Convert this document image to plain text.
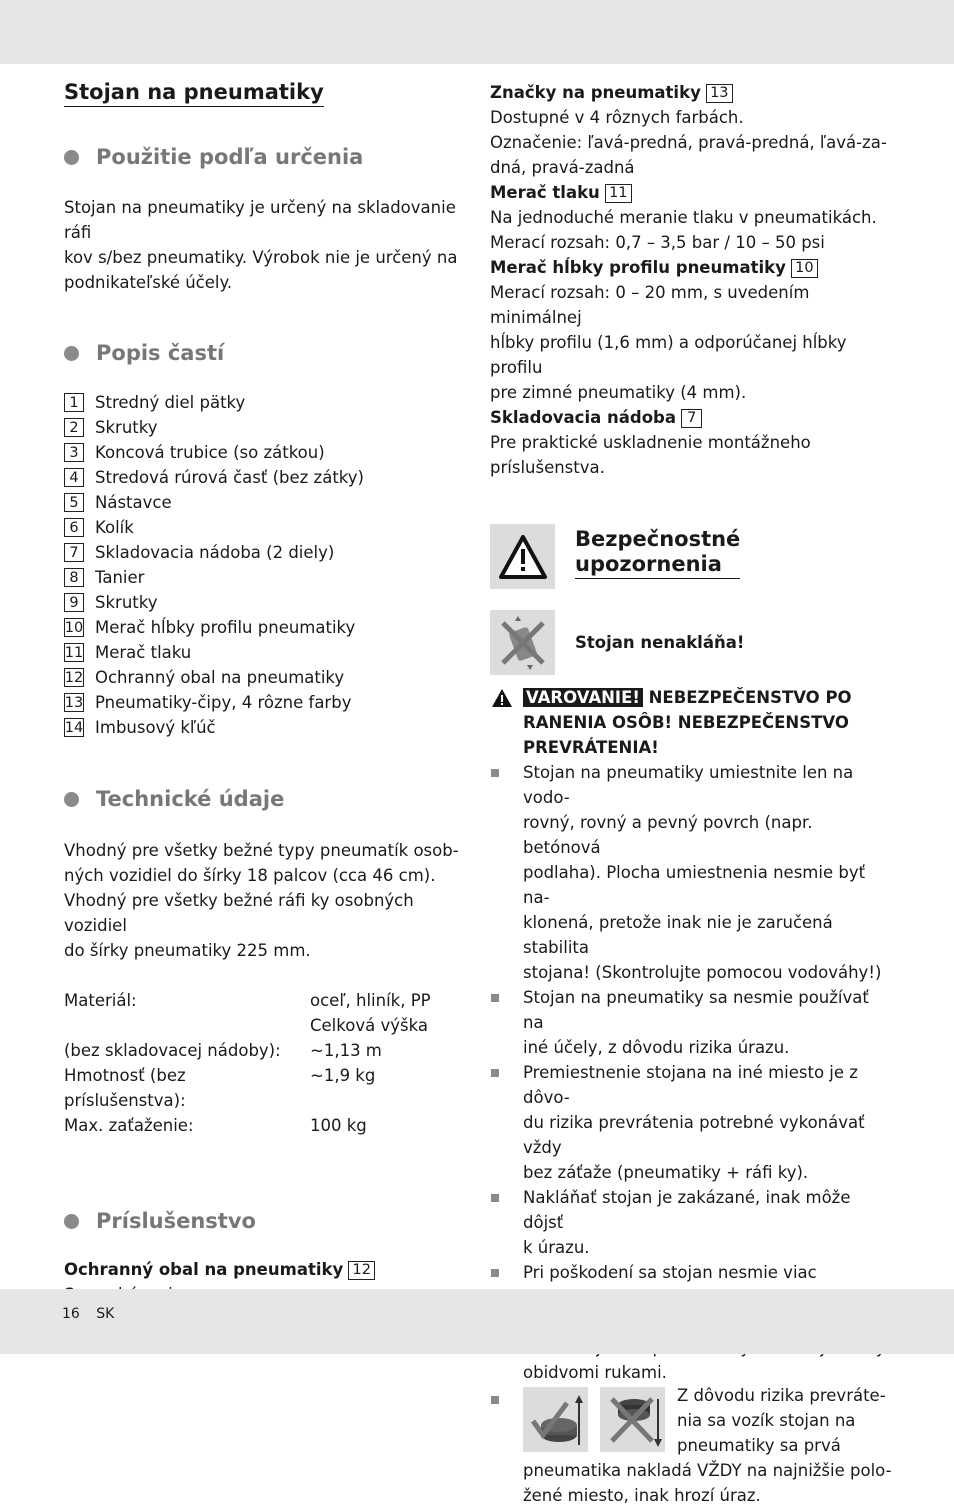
Stojan na pneumatiky
Použitie podľa určenia
Stojan na pneumatiky je určený na skladovanie ráfi
kov s/bez pneumatiky. Výrobok nie je určený na
podnikateľské účely.
Popis častí
1 Stredný diel pätky
2 Skrutky
3 Koncová trubice (so zátkou)
4 Stredová rúrová časť (bez zátky)
5 Nástavce
6 Kolík
7 Skladovacia nádoba (2 diely)
8 Tanier
9 Skrutky
10 Merač hĺbky profilu pneumatiky
11 Merač tlaku
12 Ochranný obal na pneumatiky
13 Pneumatiky-čipy, 4 rôzne farby
14 Imbusový kľúč
Technické údaje
Vhodný pre všetky bežné typy pneumatík osob-
ných vozidiel do šírky 18 palcov (cca 46 cm).
Vhodný pre všetky bežné ráfi ky osobných vozidiel
do šírky pneumatiky 225 mm.
Materiál:	oceľ, hliník, PP
	Celková výška
(bez skladovacej nádoby):	~1,13 m
Hmotnosť (bez príslušenstva):	~1,9 kg
Max. zaťaženie:	100 kg
Príslušenstvo
Ochranný obal na pneumatiky 12
Značky na pneumatiky 13
Dostupné v 4 rôznych farbách.
Označenie: ľavá-predná, pravá-predná, ľavá-za-
dná, pravá-zadná
Merač tlaku 11
Na jednoduché meranie tlaku v pneumatikách.
Merací rozsah: 0,7 – 3,5 bar / 10 – 50 psi
Merač hĺbky profilu pneumatiky 10
Merací rozsah: 0 – 20 mm, s uvedením minimálnej
hĺbky profilu (1,6 mm) a odporúčanej hĺbky profilu
pre zimné pneumatiky (4 mm).
Skladovacia nádoba 7
Pre praktické uskladnenie montážneho príslušenstva.
Bezpečnostné
upozornenia
Stojan nenakláňa!
VAROVANIE! NEBEZPEČENSTVO PO
RANENIA OSÔB! NEBEZPEČENSTVO
PREVRÁTENIA!
Stojan na pneumatiky umiestnite len na vodo-
rovný, rovný a pevný povrch (napr. betónová
podlaha). Plocha umiestnenia nesmie byť na-
klonená, pretože inak nie je zaručená stabilita
stojana! (Skontrolujte pomocou vodováhy!)
Stojan na pneumatiky sa nesmie používať na
iné účely, z dôvodu rizika úrazu.
Premiestnenie stojana na iné miesto je z dôvo-
du rizika prevrátenia potrebné vykonávať vždy
bez záťaže (pneumatiky + ráfi ky).
Nakláňať stojan je zakázané, inak môže dôjsť
k úrazu.
Pri poškodení sa stojan nesmie viac
obidvomi rukami.
Z dôvodu rizika prevráte-
nia sa vozík stojan na
pneumatiky sa prvá
pneumatika nakladá VŽDY na najnižšie polo-
žené miesto, inak hrozí úraz.
16 SK
